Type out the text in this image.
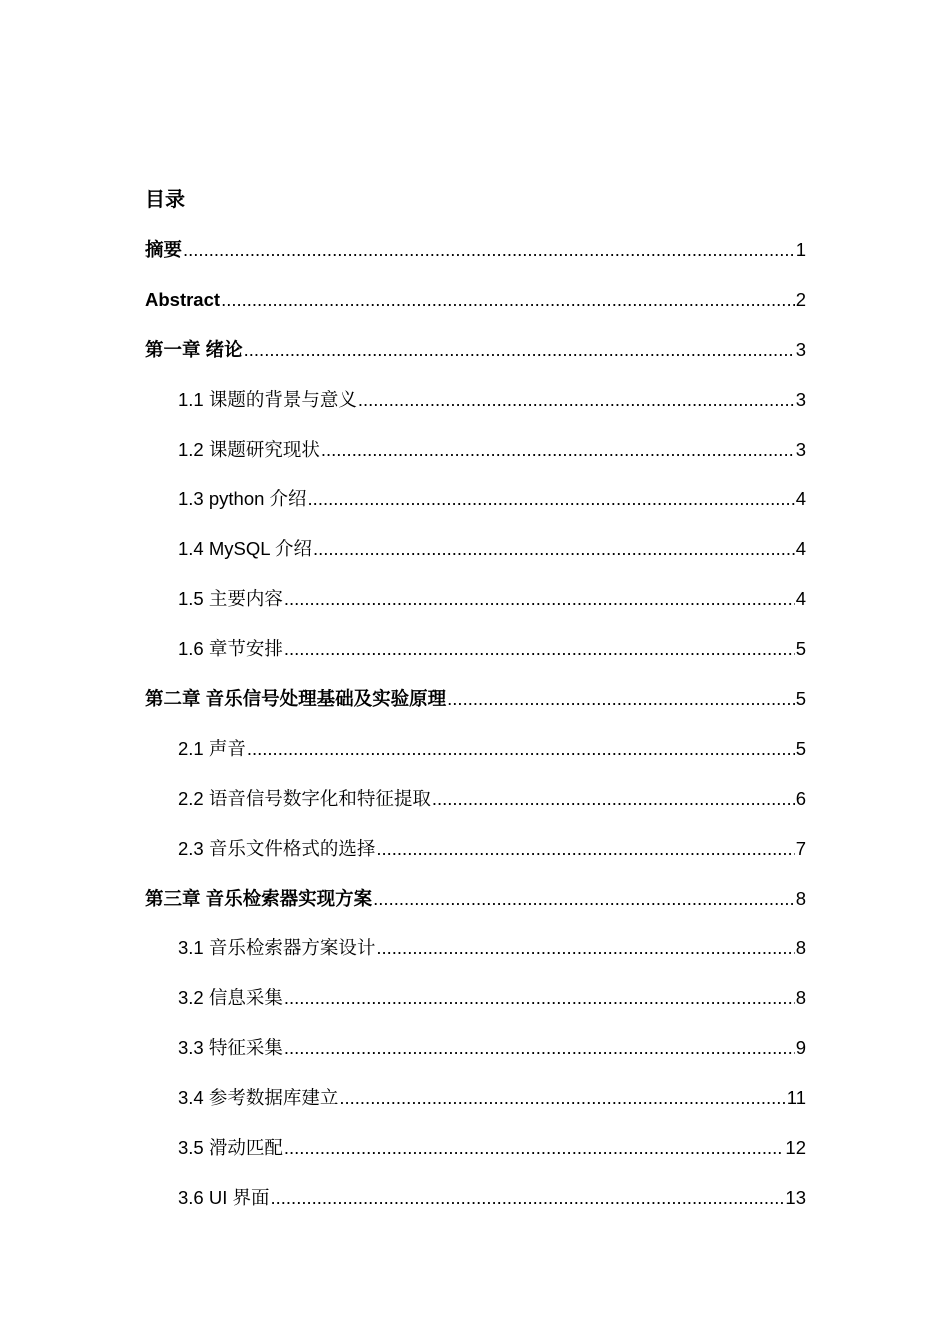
目录
摘要 .....	1
Abstract .....	2
第一章 绪论 .....	3
1.1 课题的背景与意义 .....	3
1.2 课题研究现状 .....	3
1.3 python 介绍 .....	4
1.4 MySQL 介绍 .....	4
1.5 主要内容 .....	4
1.6 章节安排 .....	5
第二章 音乐信号处理基础及实验原理 .....	5
2.1 声音 .....	5
2.2 语音信号数字化和特征提取 .....	6
2.3 音乐文件格式的选择 .....	7
第三章 音乐检索器实现方案 .....	8
3.1 音乐检索器方案设计 .....	8
3.2 信息采集 .....	8
3.3 特征采集 .....	9
3.4 参考数据库建立 .....	11
3.5 滑动匹配 .....	12
3.6 UI 界面 .....	13
